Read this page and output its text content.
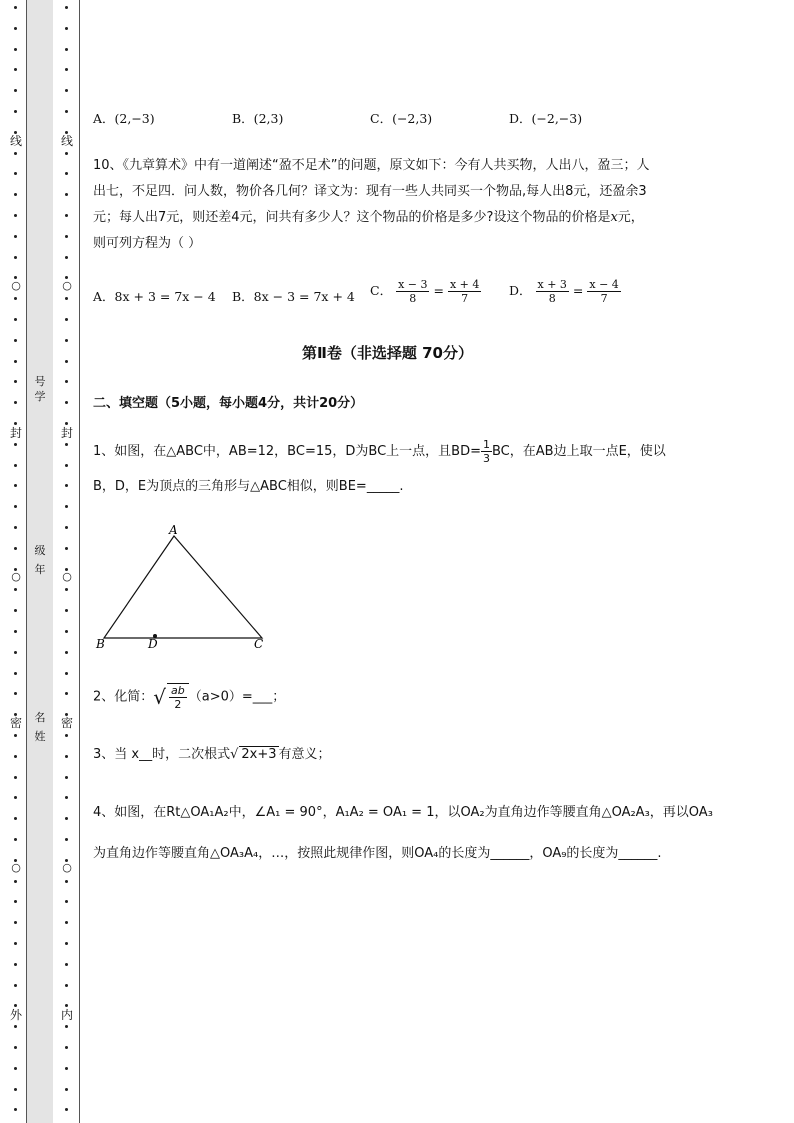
线
封
密
外
线
封
密
内
○
○
○
○
○
○
号
学
级
年
名
姓
A．(2,−3)	B．(2,3)	C．(−2,3)	D．(−2,−3)
10、《九章算术》中有一道阐述“盈不足术”的问题，原文如下：今有人共买物，人出八，盈三；人
出七，不足四．问人数，物价各几何？译文为：现有一些人共同买一个物品,每人出8元，还盈余3
元；每人出7元，则还差4元，问共有多少人？这个物品的价格是多少?设这个物品的价格是x元，
则可列方程为（ ）
A．8x + 3 = 7x − 4 B．8x − 3 = 7x + 4 C． $\frac{x - 3}{8} = \frac{x + 4}{7}$ D． $\frac{x + 3}{8} = \frac{x - 4}{7}$
第Ⅱ卷（非选择题 70分）
二、填空题（5小题，每小题4分，共计20分）
1、如图，在△ABC中，AB=12，BC=15，D为BC上一点，且$BD= \frac{1}{3}$ BC，在AB边上取一点E，使以
B，D，E为顶点的三角形与△ABC相似，则BE=_____.
A
B	C
D
2、化简：√ $\frac{ab}{2}$ （a>0）=___；
3、当 x__时，二次根式√ 2x+3 有意义；
4、如图，在Rt△OA₁A₂中，∠A₁ = 90°，A₁A₂ = OA₁ = 1，以OA₂为直角边作等腰直角△OA₂A₃，再以OA₃
为直角边作等腰直角△OA₃A₄，…，按照此规律作图，则OA₄的长度为______，OA₉的长度为______.
